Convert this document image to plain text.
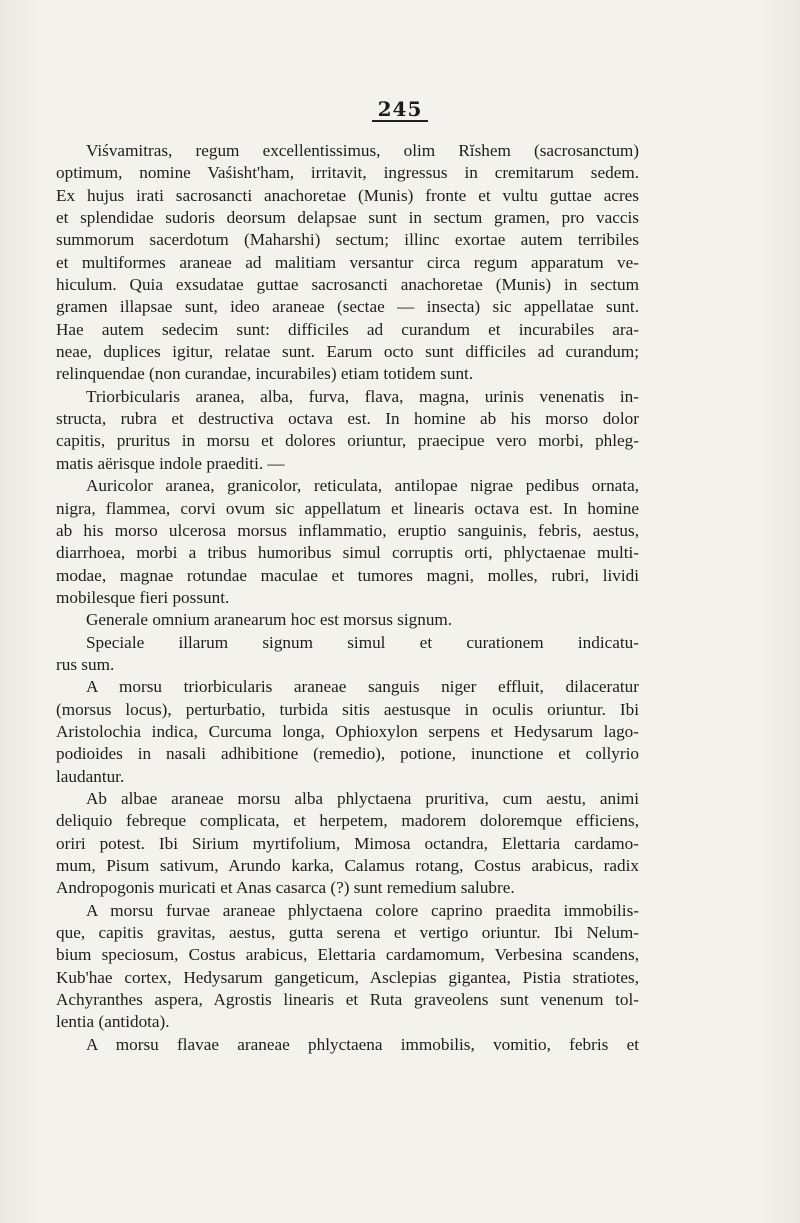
245
Viśvamitras, regum excellentissimus, olim Rĭshem (sacrosanctum)
optimum, nomine Vaśisht'ham, irritavit, ingressus in cremitarum sedem.
Ex hujus irati sacrosancti anachoretae (Munis) fronte et vultu guttae acres
et splendidae sudoris deorsum delapsae sunt in sectum gramen, pro vaccis
summorum sacerdotum (Maharshi) sectum; illinc exortae autem terribiles
et multiformes araneae ad malitiam versantur circa regum apparatum ve-
hiculum. Quia exsudatae guttae sacrosancti anachoretae (Munis) in sectum
gramen illapsae sunt, ideo araneae (sectae — insecta) sic appellatae sunt.
Hae autem sedecim sunt: difficiles ad curandum et incurabiles ara-
neae, duplices igitur, relatae sunt. Earum octo sunt difficiles ad curandum;
relinquendae (non curandae, incurabiles) etiam totidem sunt.
Triorbicularis aranea, alba, furva, flava, magna, urinis venenatis in-
structa, rubra et destructiva octava est. In homine ab his morso dolor
capitis, pruritus in morsu et dolores oriuntur, praecipue vero morbi, phleg-
matis aërisque indole praediti. —
Auricolor aranea, granicolor, reticulata, antilopae nigrae pedibus ornata,
nigra, flammea, corvi ovum sic appellatum et linearis octava est. In homine
ab his morso ulcerosa morsus inflammatio, eruptio sanguinis, febris, aestus,
diarrhoea, morbi a tribus humoribus simul corruptis orti, phlyctaenae multi-
modae, magnae rotundae maculae et tumores magni, molles, rubri, lividi
mobilesque fieri possunt.
Generale omnium aranearum hoc est morsus signum.
Speciale illarum signum simul et curationem indicatu-
rus sum.
A morsu triorbicularis araneae sanguis niger effluit, dilaceratur
(morsus locus), perturbatio, turbida sitis aestusque in oculis oriuntur. Ibi
Aristolochia indica, Curcuma longa, Ophioxylon serpens et Hedysarum lago-
podioides in nasali adhibitione (remedio), potione, inunctione et collyrio
laudantur.
Ab albae araneae morsu alba phlyctaena pruritiva, cum aestu, animi
deliquio febreque complicata, et herpetem, madorem doloremque efficiens,
oriri potest. Ibi Sirium myrtifolium, Mimosa octandra, Elettaria cardamo-
mum, Pisum sativum, Arundo karka, Calamus rotang, Costus arabicus, radix
Andropogonis muricati et Anas casarca (?) sunt remedium salubre.
A morsu furvae araneae phlyctaena colore caprino praedita immobilis-
que, capitis gravitas, aestus, gutta serena et vertigo oriuntur. Ibi Nelum-
bium speciosum, Costus arabicus, Elettaria cardamomum, Verbesina scandens,
Kub'hae cortex, Hedysarum gangeticum, Asclepias gigantea, Pistia stratiotes,
Achyranthes aspera, Agrostis linearis et Ruta graveolens sunt venenum tol-
lentia (antidota).
A morsu flavae araneae phlyctaena immobilis, vomitio, febris et
